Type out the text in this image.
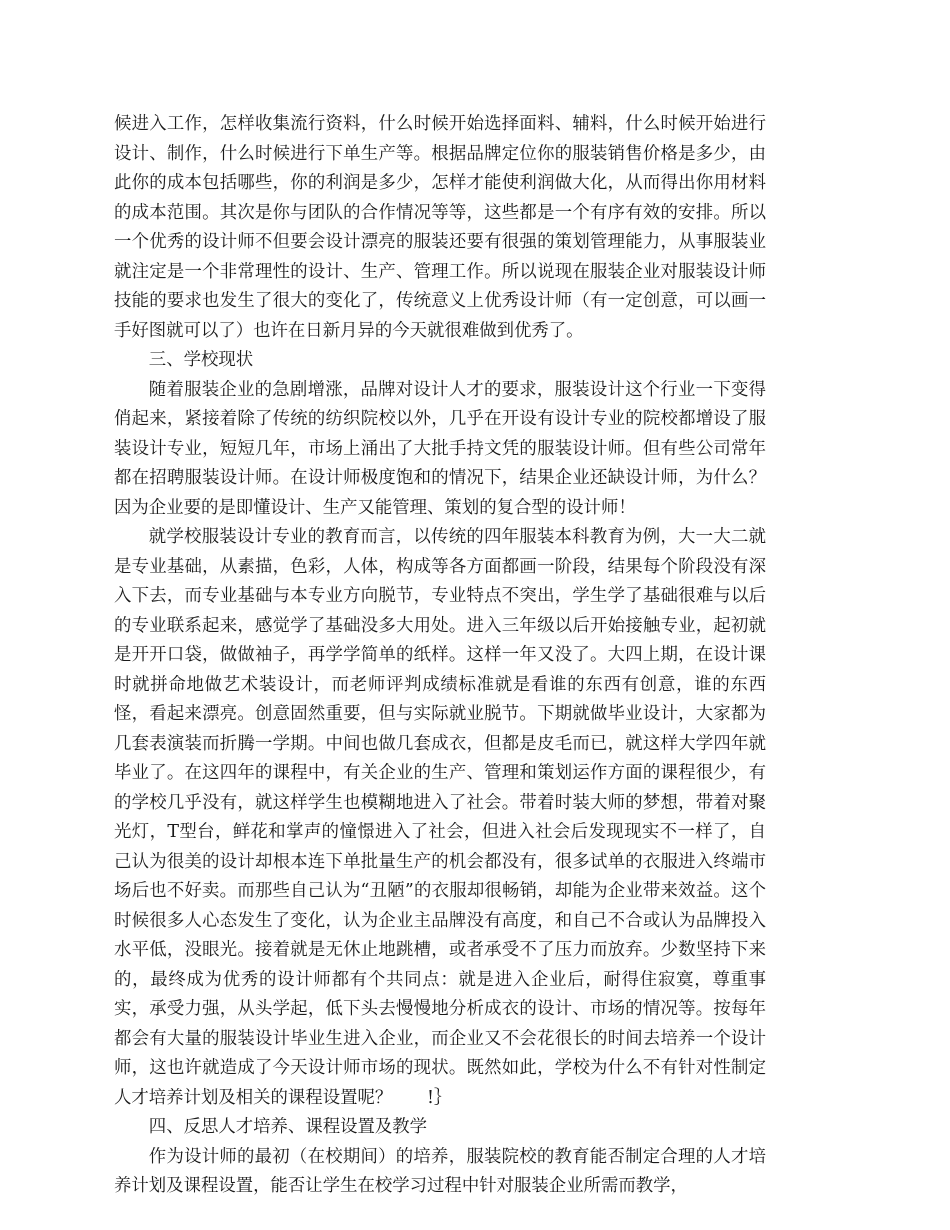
候进入工作，怎样收集流行资料，什么时候开始选择面料、辅料，什么时候开始进行设计、制作，什么时候进行下单生产等。根据品牌定位你的服装销售价格是多少，由此你的成本包括哪些，你的利润是多少，怎样才能使利润做大化，从而得出你用材料的成本范围。其次是你与团队的合作情况等等，这些都是一个有序有效的安排。所以一个优秀的设计师不但要会设计漂亮的服装还要有很强的策划管理能力，从事服装业就注定是一个非常理性的设计、生产、管理工作。所以说现在服装企业对服装设计师技能的要求也发生了很大的变化了，传统意义上优秀设计师（有一定创意，可以画一手好图就可以了）也许在日新月异的今天就很难做到优秀了。

三、学校现状

随着服装企业的急剧增涨，品牌对设计人才的要求，服装设计这个行业一下变得俏起来，紧接着除了传统的纺织院校以外，几乎在开设有设计专业的院校都增设了服装设计专业，短短几年，市场上涌出了大批手持文凭的服装设计师。但有些公司常年都在招聘服装设计师。在设计师极度饱和的情况下，结果企业还缺设计师，为什么？因为企业要的是即懂设计、生产又能管理、策划的复合型的设计师！

就学校服装设计专业的教育而言，以传统的四年服装本科教育为例，大一大二就是专业基础，从素描，色彩，人体，构成等各方面都画一阶段，结果每个阶段没有深入下去，而专业基础与本专业方向脱节，专业特点不突出，学生学了基础很难与以后的专业联系起来，感觉学了基础没多大用处。进入三年级以后开始接触专业，起初就是开开口袋，做做袖子，再学学简单的纸样。这样一年又没了。大四上期，在设计课时就拼命地做艺术装设计，而老师评判成绩标准就是看谁的东西有创意，谁的东西怪，看起来漂亮。创意固然重要，但与实际就业脱节。下期就做毕业设计，大家都为几套表演装而折腾一学期。中间也做几套成衣，但都是皮毛而已，就这样大学四年就毕业了。在这四年的课程中，有关企业的生产、管理和策划运作方面的课程很少，有的学校几乎没有，就这样学生也模糊地进入了社会。带着时装大师的梦想，带着对聚光灯，T型台，鲜花和掌声的憧憬进入了社会，但进入社会后发现现实不一样了，自己认为很美的设计却根本连下单批量生产的机会都没有，很多试单的衣服进入终端市场后也不好卖。而那些自己认为“丑陋”的衣服却很畅销，却能为企业带来效益。这个时候很多人心态发生了变化，认为企业主品牌没有高度，和自己不合或认为品牌投入水平低，没眼光。接着就是无休止地跳槽，或者承受不了压力而放弃。少数坚持下来的，最终成为优秀的设计师都有个共同点：就是进入企业后，耐得住寂寞，尊重事实，承受力强，从头学起，低下头去慢慢地分析成衣的设计、市场的情况等。按每年都会有大量的服装设计毕业生进入企业，而企业又不会花很长的时间去培养一个设计师，这也许就造成了今天设计师市场的现状。既然如此，学校为什么不有针对性制定人才培养计划及相关的课程设置呢？　　!｝

四、反思人才培养、课程设置及教学

作为设计师的最初（在校期间）的培养，服装院校的教育能否制定合理的人才培养计划及课程设置，能否让学生在校学习过程中针对服装企业所需而教学，
